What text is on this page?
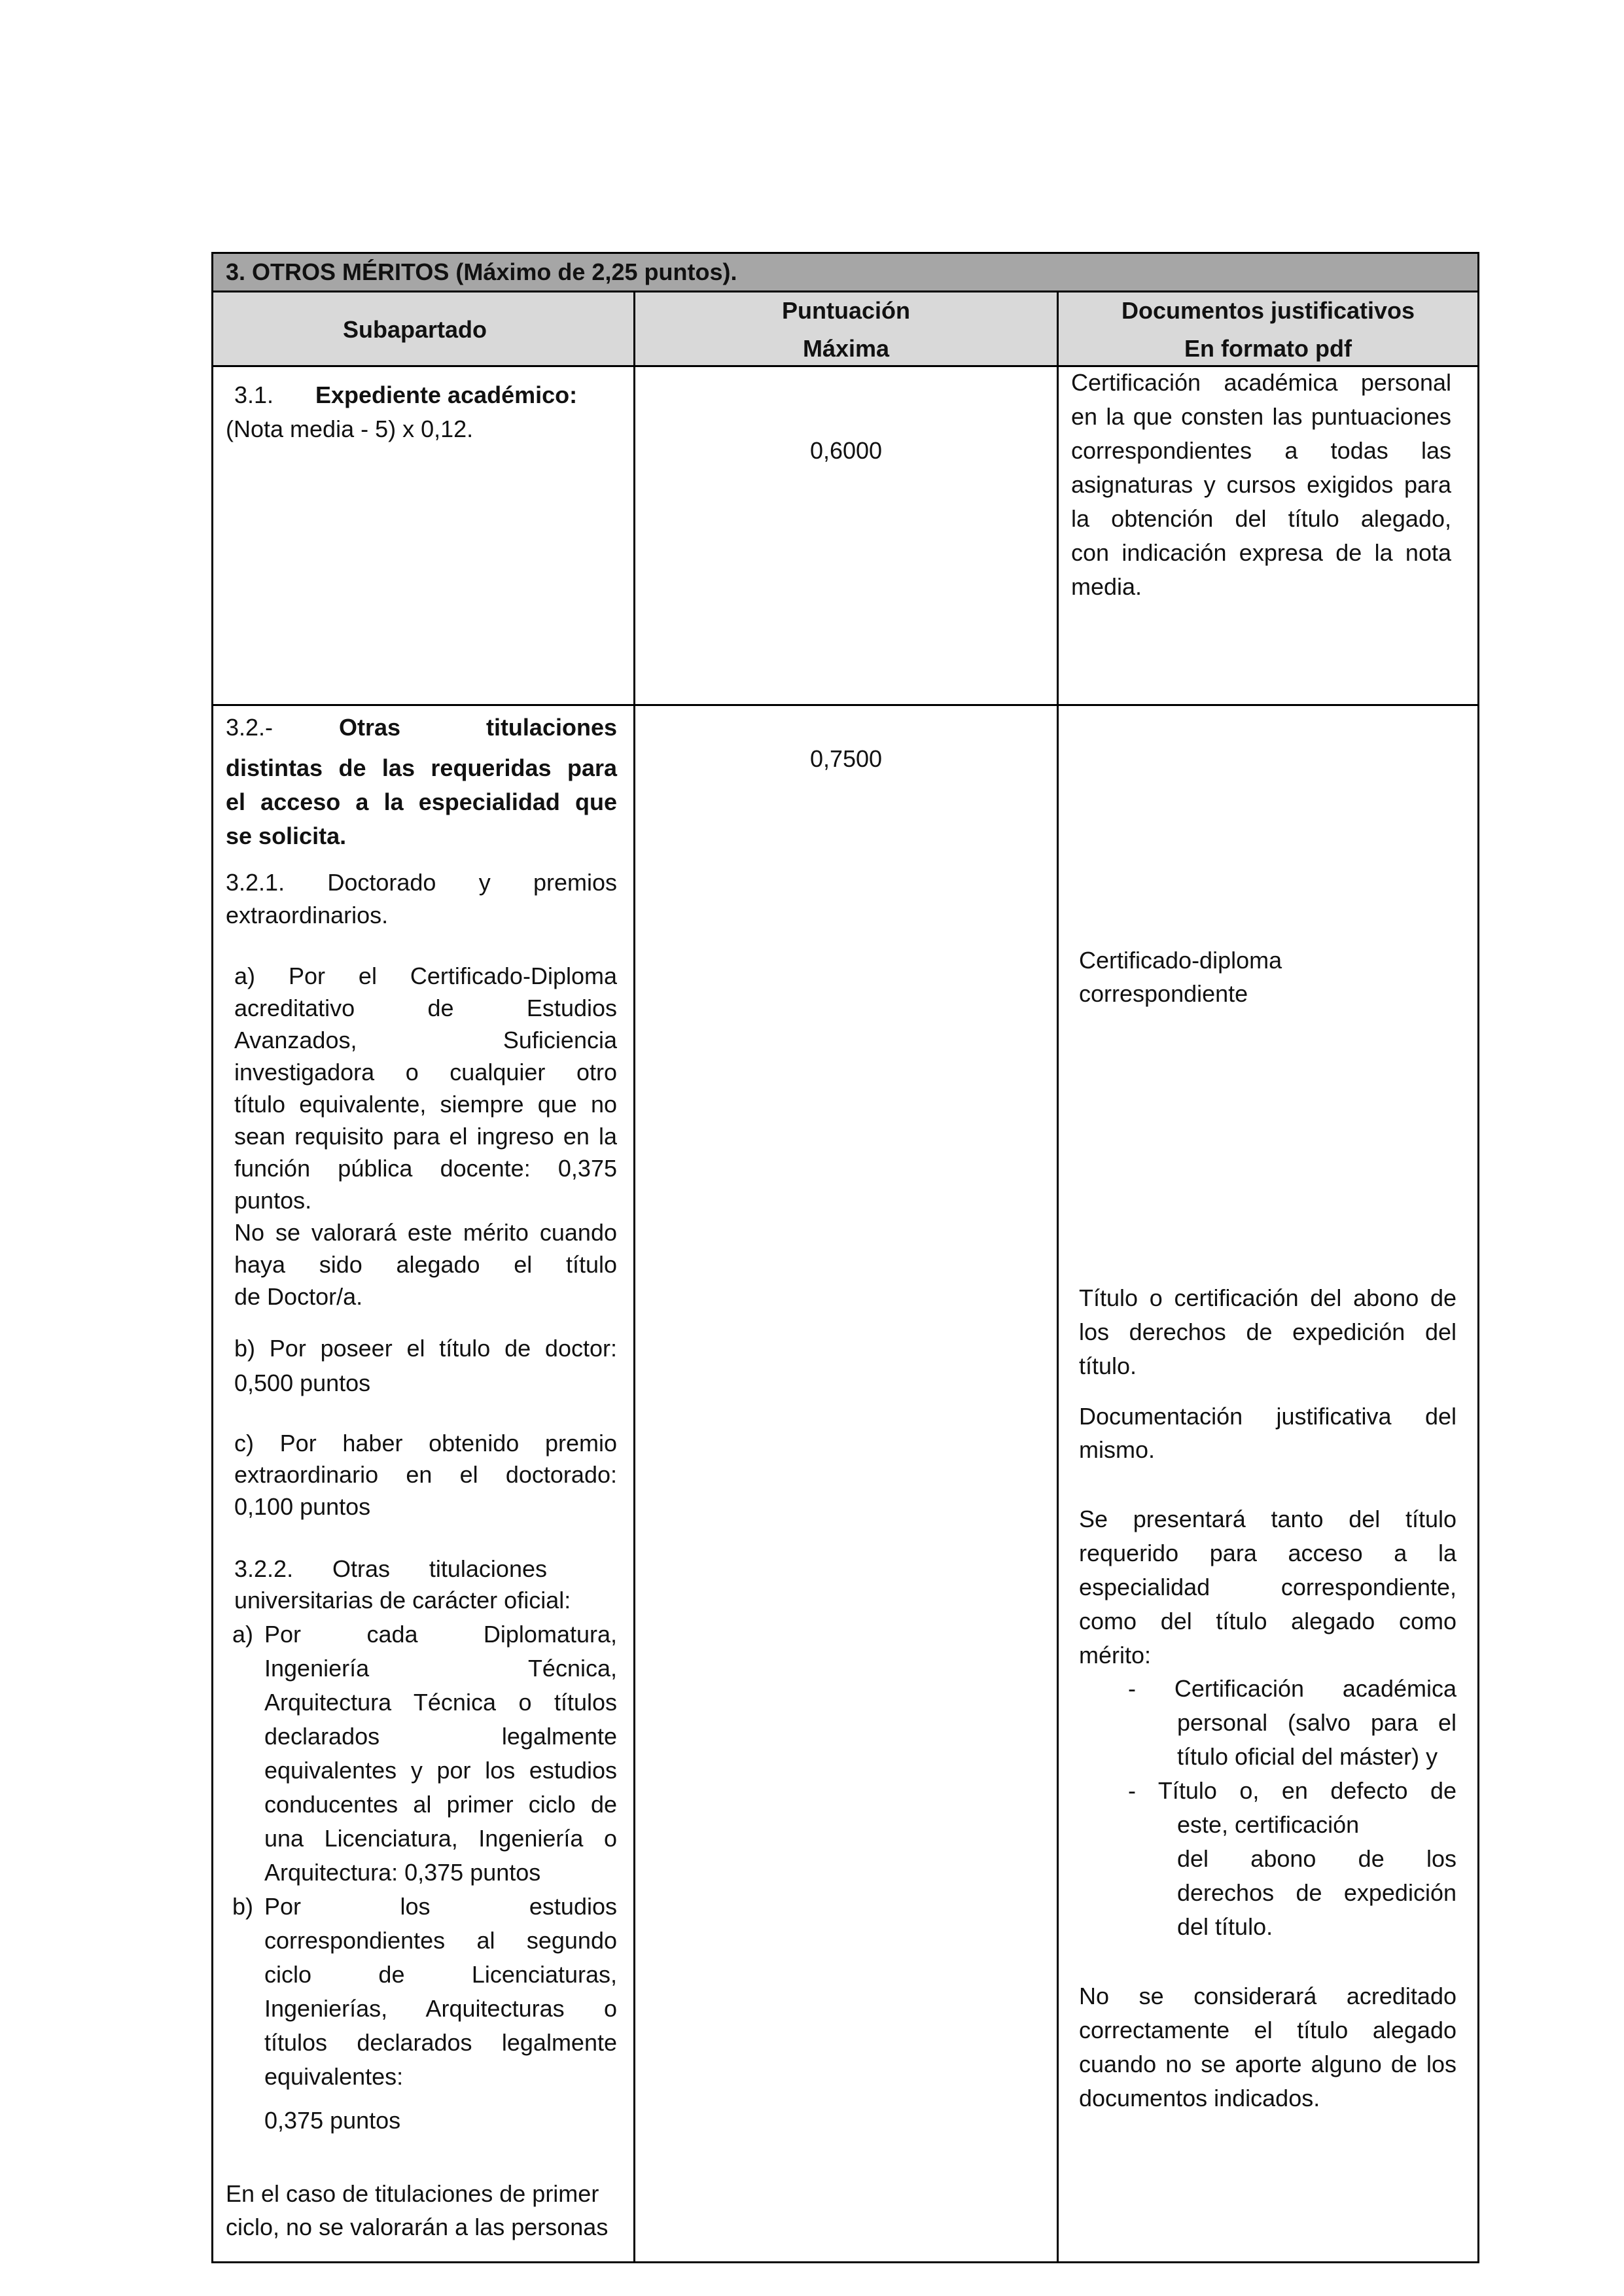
3. OTROS MÉRITOS (Máximo de 2,25 puntos).

Subapartado

Puntuación

Máxima

Documentos justificativos

En formato pdf

3.1. Expediente académico:

(Nota media - 5) x 0,12.

0,6000

Certificación académica personal

en la que consten las puntuaciones

correspondientes a todas las

asignaturas y cursos exigidos para

la obtención del título alegado,

con indicación expresa de la nota

media.

3.2.-	Otras titulaciones

distintas de las requeridas para

el acceso a la especialidad que

se solicita.

3.2.1. Doctorado y premios

extraordinarios.

a) Por el Certificado-Diploma

acreditativo de Estudios

Avanzados, Suficiencia

investigadora o cualquier otro

título equivalente, siempre que no

sean requisito para el ingreso en la

función pública docente: 0,375

puntos.

No se valorará este mérito cuando

haya sido alegado el título

de Doctor/a.

b) Por poseer el título de doctor:

0,500 puntos

c) Por haber obtenido premio

extraordinario en el doctorado:

0,100 puntos

3.2.2. Otras titulaciones

universitarias de carácter oficial:

a) Por cada Diplomatura,

Ingeniería Técnica,

Arquitectura Técnica o títulos

declarados legalmente

equivalentes y por los estudios

conducentes al primer ciclo de

una Licenciatura, Ingeniería o

Arquitectura: 0,375 puntos

b) Por los estudios

correspondientes al segundo

ciclo de Licenciaturas,

Ingenierías, Arquitecturas o

títulos declarados legalmente

equivalentes:

0,375 puntos

En el caso de titulaciones de primer

ciclo, no se valorarán a las personas

0,7500

Certificado-diploma

correspondiente

Título o certificación del abono de

los derechos de expedición del

título.

Documentación justificativa del

mismo.

Se presentará tanto del título

requerido para acceso a la

especialidad correspondiente,

como del título alegado como

mérito:

- Certificación académica

personal (salvo para el

título oficial del máster) y

- Título o, en defecto de

este, certificación

del abono de los

derechos de expedición

del título.

No se considerará acreditado

correctamente el título alegado

cuando no se aporte alguno de los

documentos indicados.
